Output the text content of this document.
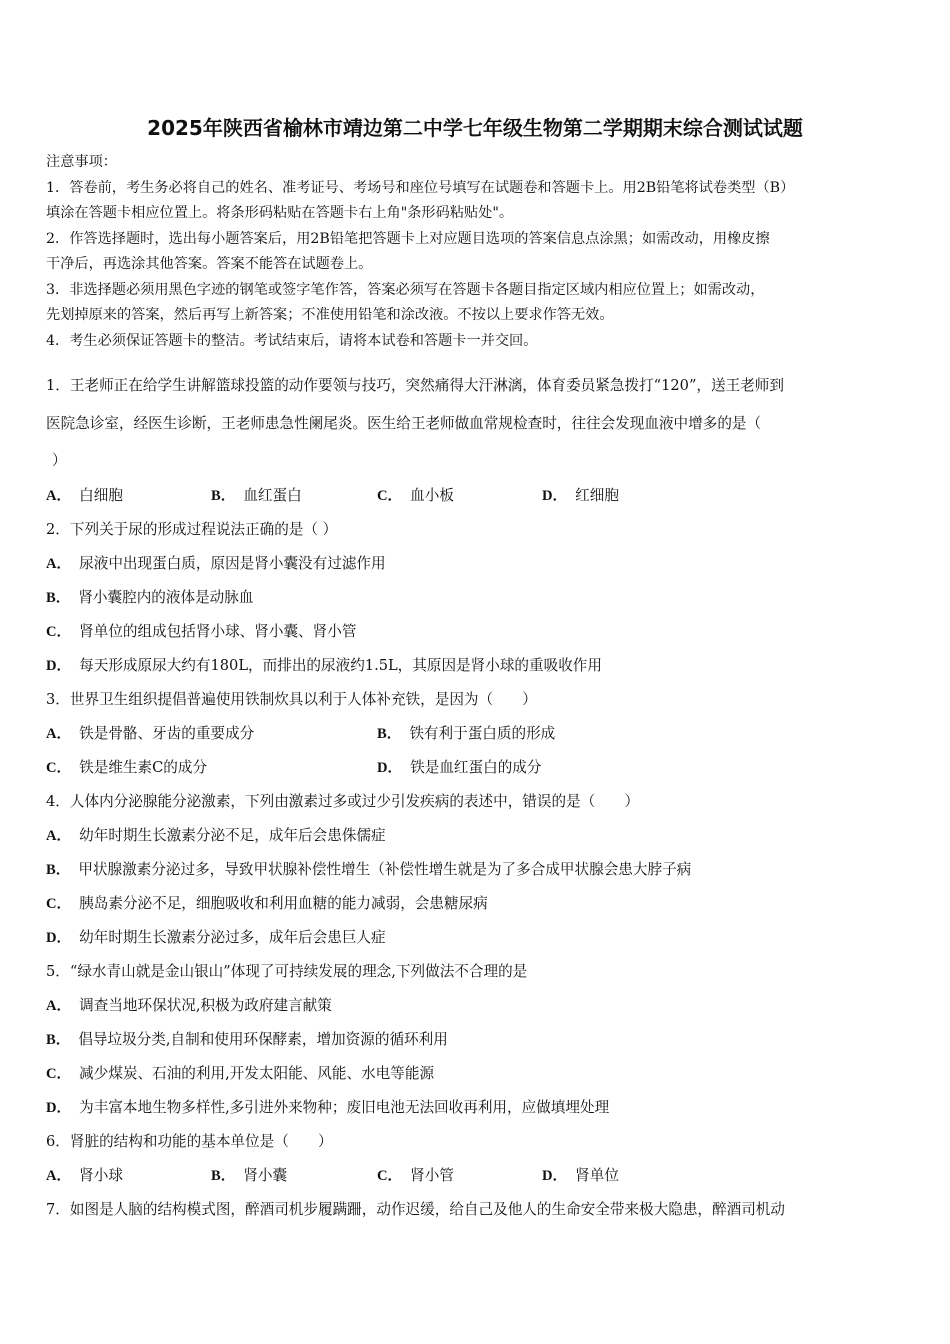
2025年陕西省榆林市靖边第二中学七年级生物第二学期期末综合测试试题
注意事项：
1．答卷前，考生务必将自己的姓名、准考证号、考场号和座位号填写在试题卷和答题卡上。用2B铅笔将试卷类型（B）
填涂在答题卡相应位置上。将条形码粘贴在答题卡右上角"条形码粘贴处"。
2．作答选择题时，选出每小题答案后，用2B铅笔把答题卡上对应题目选项的答案信息点涂黑；如需改动，用橡皮擦
干净后，再选涂其他答案。答案不能答在试题卷上。
3．非选择题必须用黑色字迹的钢笔或签字笔作答，答案必须写在答题卡各题目指定区域内相应位置上；如需改动，
先划掉原来的答案，然后再写上新答案；不准使用铅笔和涂改液。不按以上要求作答无效。
4．考生必须保证答题卡的整洁。考试结束后，请将本试卷和答题卡一并交回。
1．王老师正在给学生讲解篮球投篮的动作要领与技巧，突然痛得大汗淋漓，体育委员紧急拨打“120”，送王老师到
医院急诊室，经医生诊断，王老师患急性阑尾炎。医生给王老师做血常规检查时，往往会发现血液中增多的是（
）
A． 白细胞	B． 血红蛋白	C． 血小板	D． 红细胞
2．下列关于尿的形成过程说法正确的是（ ）
A． 尿液中出现蛋白质，原因是肾小囊没有过滤作用
B． 肾小囊腔内的液体是动脉血
C． 肾单位的组成包括肾小球、肾小囊、肾小管
D． 每天形成原尿大约有180L，而排出的尿液约1.5L，其原因是肾小球的重吸收作用
3．世界卫生组织提倡普遍使用铁制炊具以利于人体补充铁，是因为（　　）
A． 铁是骨骼、牙齿的重要成分	B． 铁有利于蛋白质的形成
C． 铁是维生素C的成分	D． 铁是血红蛋白的成分
4．人体内分泌腺能分泌激素，下列由激素过多或过少引发疾病的表述中，错误的是（　　）
A． 幼年时期生长激素分泌不足，成年后会患侏儒症
B． 甲状腺激素分泌过多，导致甲状腺补偿性增生（补偿性增生就是为了多合成甲状腺会患大脖子病
C． 胰岛素分泌不足，细胞吸收和利用血糖的能力减弱，会患糖尿病
D． 幼年时期生长激素分泌过多，成年后会患巨人症
5．“绿水青山就是金山银山”体现了可持续发展的理念,下列做法不合理的是
A． 调查当地环保状况,积极为政府建言献策
B． 倡导垃圾分类,自制和使用环保酵素，增加资源的循环利用
C． 减少煤炭、石油的利用,开发太阳能、风能、水电等能源
D． 为丰富本地生物多样性,多引进外来物种；废旧电池无法回收再利用，应做填埋处理
6．肾脏的结构和功能的基本单位是（　　）
A． 肾小球	B． 肾小囊	C． 肾小管	D． 肾单位
7．如图是人脑的结构模式图，醉酒司机步履蹒跚，动作迟缓，给自己及他人的生命安全带来极大隐患，醉酒司机动
